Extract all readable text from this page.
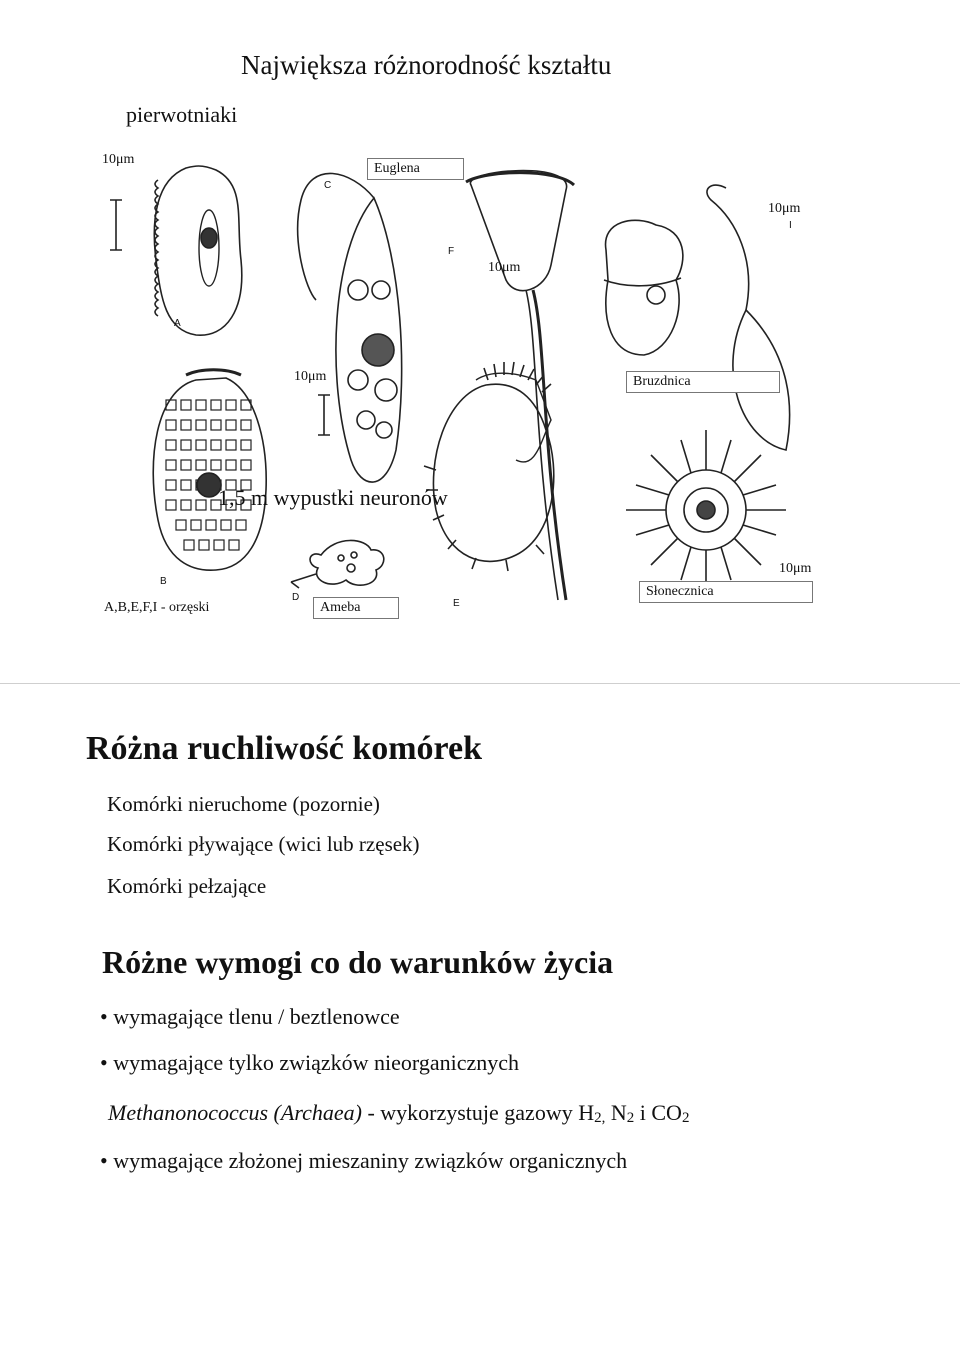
Największa różnorodność kształtu
pierwotniaki
10μm
Euglena
10μm
10μm
10μm	Bruzdnica
1,5 m wypustki neuronów
10μm
A,B,E,F,I - orzęski	Ameba
Słonecznica
A
B
C
D
E
F
I
Różna ruchliwość komórek
Komórki nieruchome (pozornie)
Komórki pływające (wici lub rzęsek)
Komórki pełzające
Różne wymogi co do warunków życia
• wymagające tlenu / beztlenowce
• wymagające tylko związków nieorganicznych
Methanonococcus (Archaea) - wykorzystuje gazowy $H_{2,}$ $N_2$ i $CO_2$
• wymagające złożonej mieszaniny związków organicznych
